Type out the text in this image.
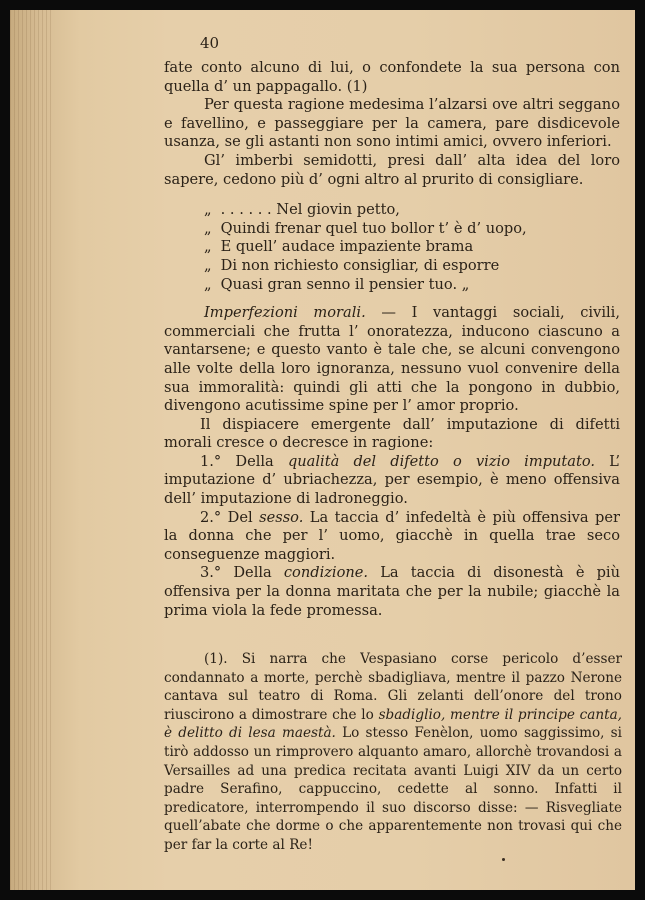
40

fate conto alcuno di lui, o confondete la sua persona con quella d’ un pappagallo. (1)

Per questa ragione medesima l’alzarsi ove altri seggano e favellino, e passeggiare per la camera, pare disdicevole usanza, se gli astanti non sono intimi amici, ovvero inferiori.

Gl’ imberbi semidotti, presi dall’ alta idea del loro sapere, cedono più d’ ogni altro al prurito di consigliare.

„ . . . . . . Nel giovin petto,
„ Quindi frenar quel tuo bollor t’ è d’ uopo,
„ E quell’ audace impaziente brama
„ Di non richiesto consigliar, di esporre
„ Quasi gran senno il pensier tuo. „

Imperfezioni morali. — I vantaggi sociali, civili, commerciali che frutta l’ onoratezza, inducono ciascuno a vantarsene; e questo vanto è tale che, se alcuni convengono alle volte della loro ignoranza, nessuno vuol convenire della sua immoralità: quindi gli atti che la pongono in dubbio, divengono acutissime spine per l’ amor proprio.

Il dispiacere emergente dall’ imputazione di difetti morali cresce o decresce in ragione:

1.° Della qualità del difetto o vizio imputato. L’ imputazione d’ ubriachezza, per esempio, è meno offensiva dell’ imputazione di ladroneggio.

2.° Del sesso. La taccia d’ infedeltà è più offensiva per la donna che per l’ uomo, giacchè in quella trae seco conseguenze maggiori.

3.° Della condizione. La taccia di disonestà è più offensiva per la donna maritata che per la nubile; giacchè la prima viola la fede promessa.

(1). Si narra che Vespasiano corse pericolo d’esser condannato a morte, perchè sbadigliava, mentre il pazzo Nerone cantava sul teatro di Roma. Gli zelanti dell’onore del trono riuscirono a dimostrare che lo sbadiglio, mentre il principe canta, è delitto di lesa maestà. Lo stesso Fenèlon, uomo saggissimo, si tirò addosso un rimprovero alquanto amaro, allorchè trovandosi a Versailles ad una predica recitata avanti Luigi XIV da un certo padre Serafino, cappuccino, cedette al sonno. Infatti il predicatore, interrompendo il suo discorso disse: — Risvegliate quell’abate che dorme o che apparentemente non trovasi qui che per far la corte al Re!
